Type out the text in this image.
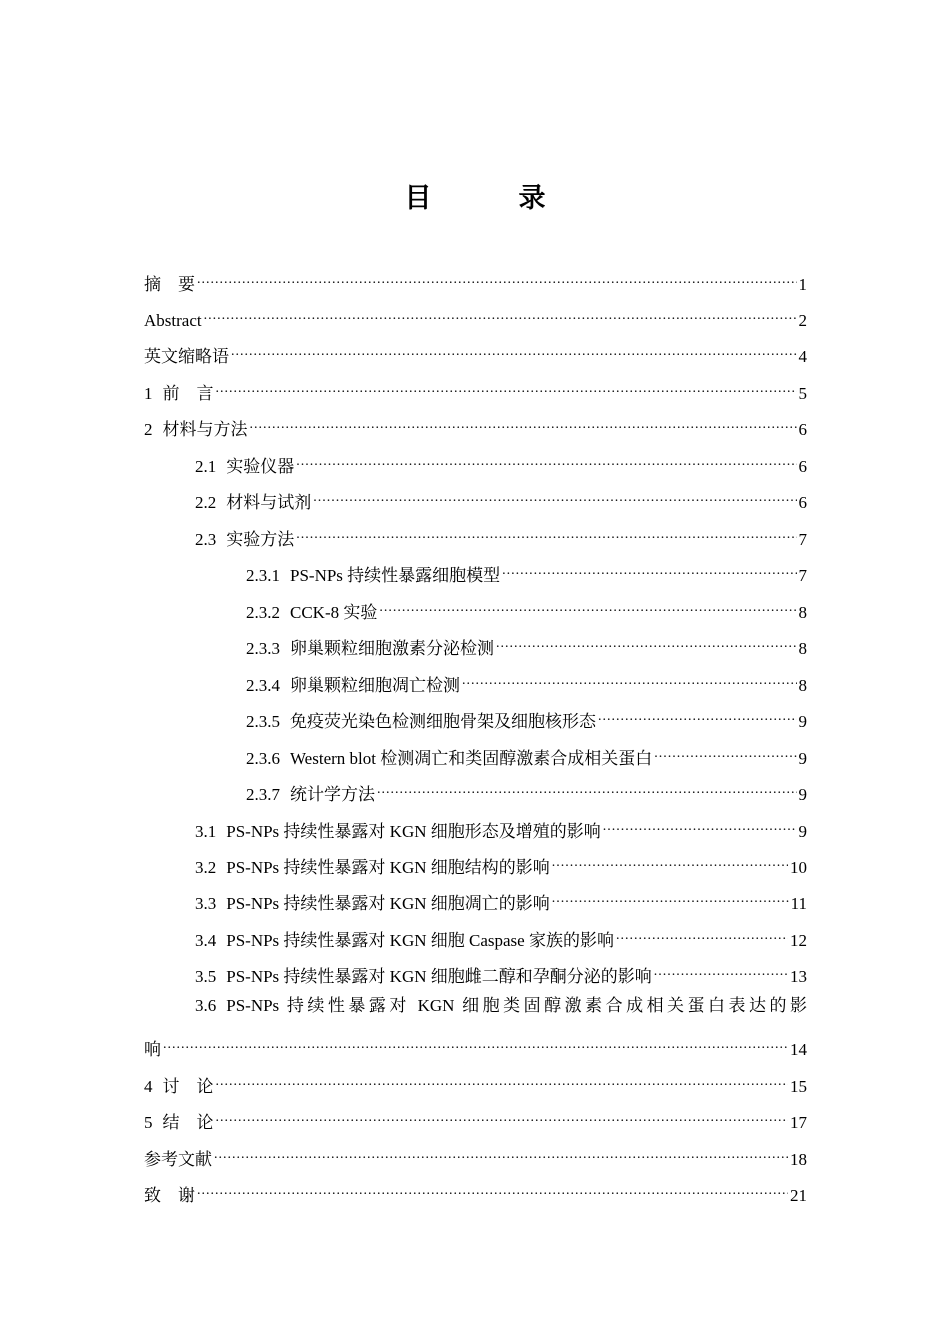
目　录
摘　要 .....	1
Abstract .....	2
英文缩略语 .....	4
1 前　言 .....	5
2 材料与方法 .....	6
2.1 实验仪器 .....	6
2.2 材料与试剂 .....	6
2.3 实验方法 .....	7
2.3.1 PS-NPs 持续性暴露细胞模型 .....	7
2.3.2 CCK-8 实验 .....	8
2.3.3 卵巢颗粒细胞激素分泌检测 .....	8
2.3.4 卵巢颗粒细胞凋亡检测 .....	8
2.3.5 免疫荧光染色检测细胞骨架及细胞核形态 .....	9
2.3.6 Western blot 检测凋亡和类固醇激素合成相关蛋白 .....	9
2.3.7 统计学方法 .....	9
3.1 PS-NPs 持续性暴露对 KGN 细胞形态及增殖的影响 .....	9
3.2 PS-NPs 持续性暴露对 KGN 细胞结构的影响 .....	10
3.3 PS-NPs 持续性暴露对 KGN 细胞凋亡的影响 .....	11
3.4 PS-NPs 持续性暴露对 KGN 细胞 Caspase 家族的影响 .....	12
3.5 PS-NPs 持续性暴露对 KGN 细胞雌二醇和孕酮分泌的影响 .....	13
3.6 PS-NPs 持续性暴露对 KGN 细胞类固醇激素合成相关蛋白表达的影
响 .....	14
4 讨　论 .....	15
5 结　论 .....	17
参考文献 .....	18
致　谢 .....	21
